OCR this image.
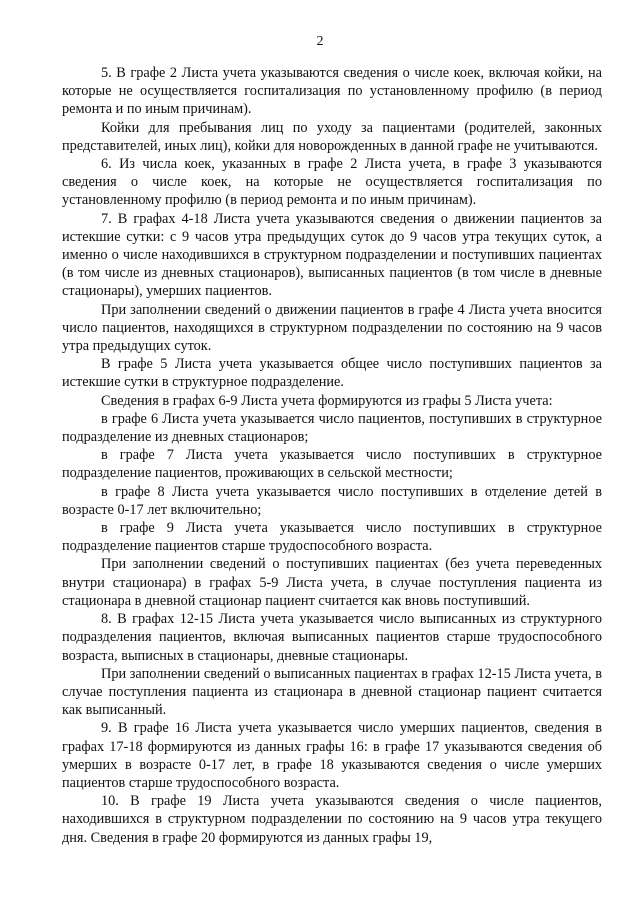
2

5. В графе 2 Листа учета указываются сведения о числе коек, включая койки, на которые не осуществляется госпитализация по установленному профилю (в период ремонта и по иным причинам).

Койки для пребывания лиц по уходу за пациентами (родителей, законных представителей, иных лиц), койки для новорожденных в данной графе не учитываются.

6. Из числа коек, указанных в графе 2 Листа учета, в графе 3 указываются сведения о числе коек, на которые не осуществляется госпитализация по установленному профилю (в период ремонта и по иным причинам).

7. В графах 4-18 Листа учета указываются сведения о движении пациентов за истекшие сутки: с 9 часов утра предыдущих суток до 9 часов утра текущих суток, а именно о числе находившихся в структурном подразделении и поступивших пациентах (в том числе из дневных стационаров), выписанных пациентов (в том числе в дневные стационары), умерших пациентов.

При заполнении сведений о движении пациентов в графе 4 Листа учета вносится число пациентов, находящихся в структурном подразделении по состоянию на 9 часов утра предыдущих суток.

В графе 5 Листа учета указывается общее число поступивших пациентов за истекшие сутки в структурное подразделение.

Сведения в графах 6-9 Листа учета формируются из графы 5 Листа учета:

в графе 6 Листа учета указывается число пациентов, поступивших в структурное подразделение из дневных стационаров;

в графе 7 Листа учета указывается число поступивших в структурное подразделение пациентов, проживающих в сельской местности;

в графе 8 Листа учета указывается число поступивших в отделение детей в возрасте 0-17 лет включительно;

в графе 9 Листа учета указывается число поступивших в структурное подразделение пациентов старше трудоспособного возраста.

При заполнении сведений о поступивших пациентах (без учета переведенных внутри стационара) в графах 5-9 Листа учета, в случае поступления пациента из стационара в дневной стационар пациент считается как вновь поступивший.

8. В графах 12-15 Листа учета указывается число выписанных из структурного подразделения пациентов, включая выписанных пациентов старше трудоспособного возраста, выписных в стационары, дневные стационары.

При заполнении сведений о выписанных пациентах в графах 12-15 Листа учета, в случае поступления пациента из стационара в дневной стационар пациент считается как выписанный.

9. В графе 16 Листа учета указывается число умерших пациентов, сведения в графах 17-18 формируются из данных графы 16: в графе 17 указываются сведения об умерших в возрасте 0-17 лет, в графе 18 указываются сведения о числе умерших пациентов старше трудоспособного возраста.

10. В графе 19 Листа учета указываются сведения о числе пациентов, находившихся в структурном подразделении по состоянию на 9 часов утра текущего дня. Сведения в графе 20 формируются из данных графы 19,
